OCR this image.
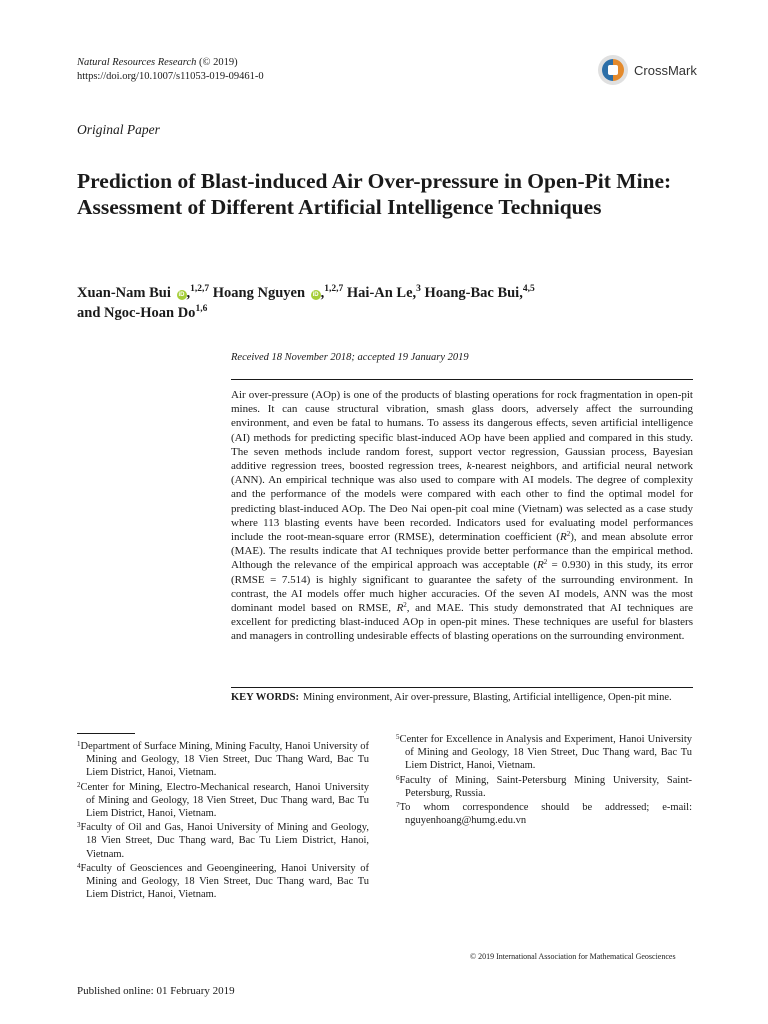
Natural Resources Research (© 2019)
https://doi.org/10.1007/s11053-019-09461-0	CrossMark
Original Paper
Prediction of Blast-induced Air Over-pressure in Open-Pit Mine: Assessment of Different Artificial Intelligence Techniques
Xuan-Nam Bui iD ,$^{1,2,7}$ Hoang Nguyen iD ,$^{1,2,7}$ Hai-An Le,$^3$ Hoang-Bac Bui,$^{4,5}$
and Ngoc-Hoan Do$^{1,6}$
Received 18 November 2018; accepted 19 January 2019

Air over-pressure (AOp) is one of the products of blasting operations for rock fragmentation in open-pit mines. It can cause structural vibration, smash glass doors, adversely affect the surrounding environment, and even be fatal to humans. To assess its dangerous effects, seven artificial intelligence (AI) methods for predicting specific blast-induced AOp have been applied and compared in this study. The seven methods include random forest, support vector regression, Gaussian process, Bayesian additive regression trees, boosted regression trees, k-nearest neighbors, and artificial neural network (ANN). An empirical technique was also used to compare with AI models. The degree of complexity and the performance of the models were compared with each other to find the optimal model for predicting blast-induced AOp. The Deo Nai open-pit coal mine (Vietnam) was selected as a case study where 113 blasting events have been recorded. Indicators used for evaluating model performances include the root-mean-square error (RMSE), determination coefficient $(R^2)$, and mean absolute error (MAE). The results indicate that AI techniques provide better performance than the empirical method. Although the relevance of the empirical approach was acceptable $(R^2 = 0.930)$ in this study, its error (RMSE = 7.514) is highly significant to guarantee the safety of the surrounding environment. In contrast, the AI models offer much higher accuracies. Of the seven AI models, ANN was the most dominant model based on RMSE, $R^2$, and MAE. This study demonstrated that AI techniques are excellent for predicting blast-induced AOp in open-pit mines. These techniques are useful for blasters and managers in controlling undesirable effects of blasting operations on the surrounding environment.

KEY WORDS: Mining environment, Air over-pressure, Blasting, Artificial intelligence, Open-pit mine.
$^1$Department of Surface Mining, Mining Faculty, Hanoi University of Mining and Geology, 18 Vien Street, Duc Thang Ward, Bac Tu Liem District, Hanoi, Vietnam.
$^2$Center for Mining, Electro-Mechanical research, Hanoi University of Mining and Geology, 18 Vien Street, Duc Thang ward, Bac Tu Liem District, Hanoi, Vietnam.
$^3$Faculty of Oil and Gas, Hanoi University of Mining and Geology, 18 Vien Street, Duc Thang ward, Bac Tu Liem District, Hanoi, Vietnam.
$^4$Faculty of Geosciences and Geoengineering, Hanoi University of Mining and Geology, 18 Vien Street, Duc Thang ward, Bac Tu Liem District, Hanoi, Vietnam.
$^5$Center for Excellence in Analysis and Experiment, Hanoi University of Mining and Geology, 18 Vien Street, Duc Thang ward, Bac Tu Liem District, Hanoi, Vietnam.
$^6$Faculty of Mining, Saint-Petersburg Mining University, Saint-Petersburg, Russia.
$^7$To whom correspondence should be addressed; e-mail: nguyenhoang@humg.edu.vn
© 2019 International Association for Mathematical Geosciences
Published online: 01 February 2019
